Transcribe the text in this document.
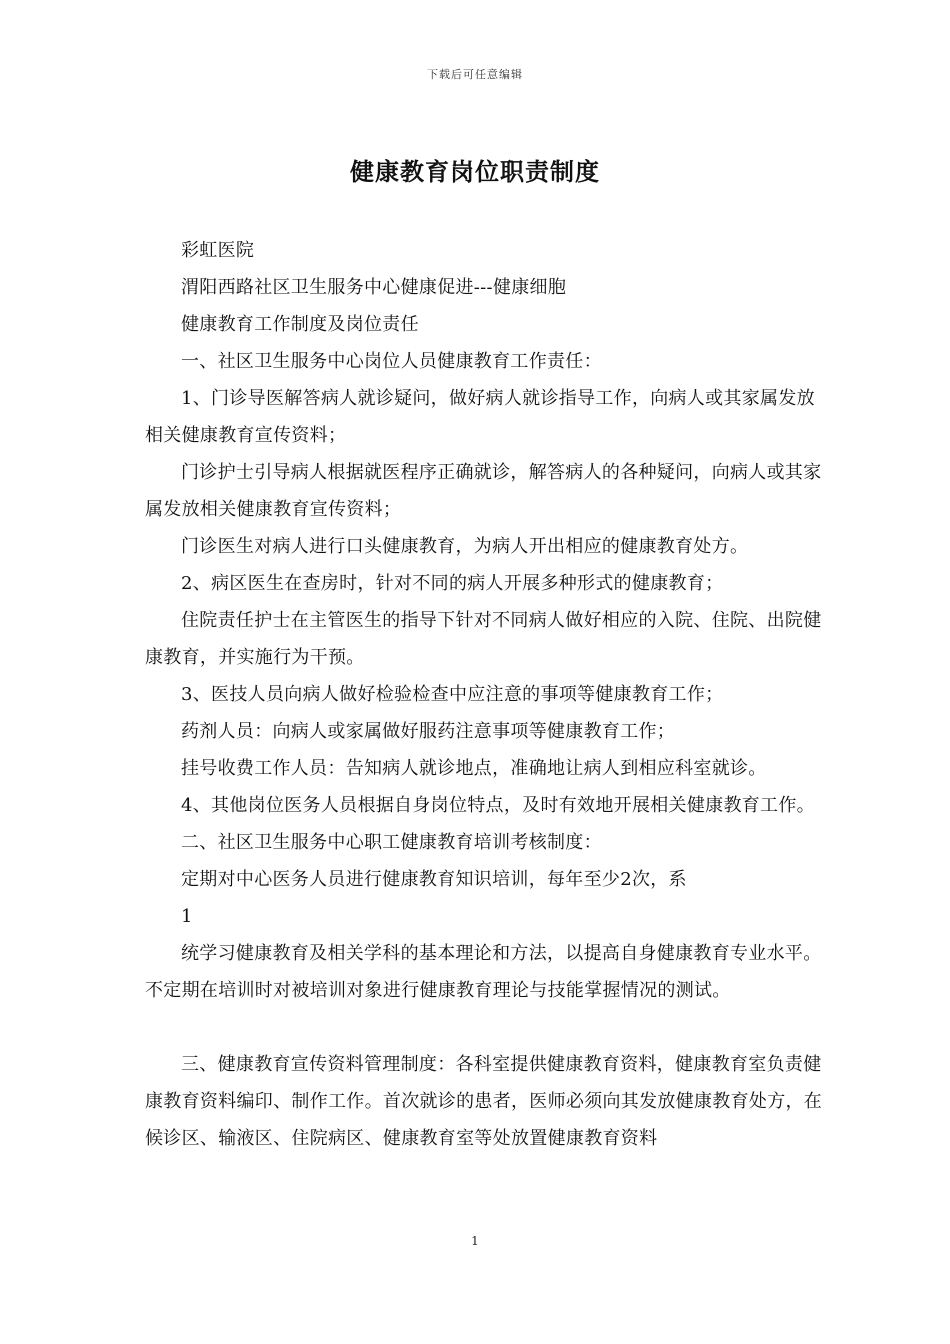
下载后可任意编辑
健康教育岗位职责制度

彩虹医院

渭阳西路社区卫生服务中心健康促进---健康细胞

健康教育工作制度及岗位责任

一、社区卫生服务中心岗位人员健康教育工作责任：

1、门诊导医解答病人就诊疑问，做好病人就诊指导工作，向病人或其家属发放相关健康教育宣传资料；

门诊护士引导病人根据就医程序正确就诊，解答病人的各种疑问，向病人或其家属发放相关健康教育宣传资料；

门诊医生对病人进行口头健康教育，为病人开出相应的健康教育处方。

2、病区医生在查房时，针对不同的病人开展多种形式的健康教育；

住院责任护士在主管医生的指导下针对不同病人做好相应的入院、住院、出院健康教育，并实施行为干预。

3、医技人员向病人做好检验检查中应注意的事项等健康教育工作；

药剂人员：向病人或家属做好服药注意事项等健康教育工作；

挂号收费工作人员：告知病人就诊地点，准确地让病人到相应科室就诊。

4、其他岗位医务人员根据自身岗位特点，及时有效地开展相关健康教育工作。

二、社区卫生服务中心职工健康教育培训考核制度：

定期对中心医务人员进行健康教育知识培训，每年至少2次，系

1

统学习健康教育及相关学科的基本理论和方法，以提高自身健康教育专业水平。不定期在培训时对被培训对象进行健康教育理论与技能掌握情况的测试。

三、健康教育宣传资料管理制度：各科室提供健康教育资料，健康教育室负责健康教育资料编印、制作工作。首次就诊的患者，医师必须向其发放健康教育处方，在候诊区、输液区、住院病区、健康教育室等处放置健康教育资料

1
